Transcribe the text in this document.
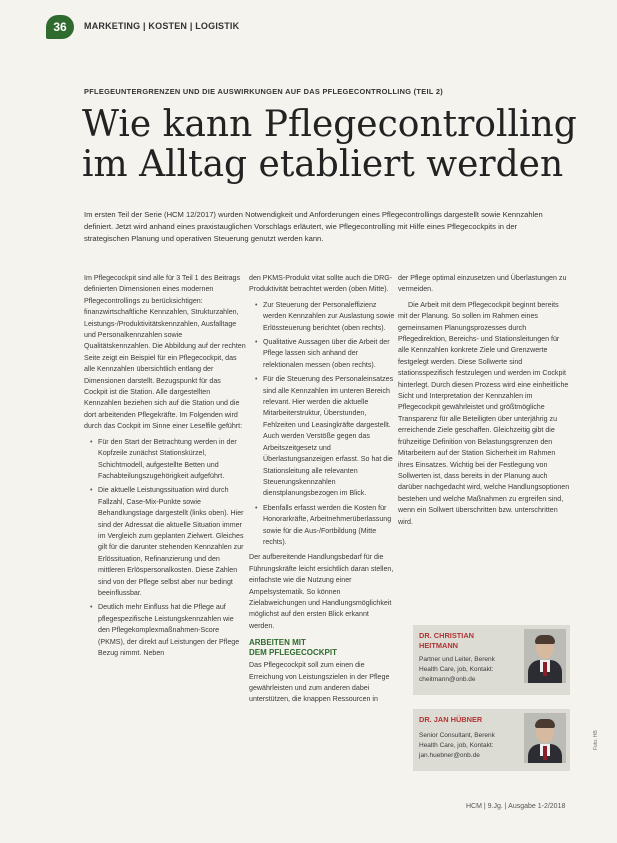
36 MARKETING | KOSTEN | LOGISTIK
PFLEGEUNTERGRENZEN UND DIE AUSWIRKUNGEN AUF DAS PFLEGECONTROLLING (TEIL 2)
Wie kann Pflegecontrolling
im Alltag etabliert werden
Im ersten Teil der Serie (HCM 12/2017) wurden Notwendigkeit und Anforderungen eines Pflegecontrollings dargestellt sowie Kennzahlen definiert. Jetzt wird anhand eines praxistauglichen Vorschlags erläutert, wie Pflegecontrolling mit Hilfe eines Pflegecockpits in der strategischen Planung und operativen Steuerung genutzt werden kann.

Im Pflegecockpit sind alle für 3 Teil 1 des Beitrags definierten Dimensionen eines modernen Pflegecontrollings zu berücksichtigen: finanzwirtschaftliche Kennzahlen, Strukturzahlen, Leistungs-/Produktivitätskennzahlen, Ausfalltage und Personalkennzahlen sowie Qualitätskennzahlen. Die Abbildung auf der rechten Seite zeigt ein Beispiel für ein Pflegecockpit, das alle Kennzahlen übersichtlich entlang der Dimensionen darstellt. Bezugspunkt für das Cockpit ist die Station. Alle dargestellten Kennzahlen beziehen sich auf die Station und die dort arbeitenden Pflegekräfte. Im Folgenden wird durch das Cockpit im Sinne einer Leselfile geführt:

• Für den Start der Betrachtung werden in der Kopfzeile zunächst Stationskürzel, Schichtmodell, aufgestellte Betten und Fachabteilungszugehörigkeit aufgeführt.
• Die aktuelle Leistungssituation wird durch Fallzahl, Case-Mix-Punkte sowie Behandlungstage dargestellt (links oben). Hier sind der Adressat die aktuelle Situation immer im Vergleich zum geplanten Zielwert. Gleiches gilt für die darunter stehenden Kennzahlen zur Erlössituation, Refinanzierung und den mittleren Erlöspersonalkosten. Diese Zahlen sind von der Pflege selbst aber nur bedingt beeinflussbar.
• Deutlich mehr Einfluss hat die Pflege auf pflegespezifische Leistungskennzahlen wie den Pflegekomplexmaßnahmen-Score (PKMS), der direkt auf Leistungen der Pflege Bezug nimmt. Neben

den PKMS-Produkt vitat sollte auch die DRG-Produktivität betrachtet werden (oben Mitte).

• Zur Steuerung der Personaleffizienz werden Kennzahlen zur Auslastung sowie Erlössteuerung berichtet (oben rechts).
• Qualitative Aussagen über die Arbeit der Pflege lassen sich anhand der relektionalen messen (oben rechts).
• Für die Steuerung des Personaleinsatzes sind alle Kennzahlen im unteren Bereich relevant. Hier werden die aktuelle Mitarbeiterstruktur, Überstunden, Fehlzeiten und Leasingkräfte dargestellt. Auch werden Verstöße gegen das Arbeitszeitgesetz und Überlastungsanzeigen erfasst. So hat die Stationsleitung alle relevanten Steuerungskennzahlen dienstplanungsbezogen im Blick.
• Ebenfalls erfasst werden die Kosten für Honorarkräfte, Arbeitnehmerüberlassung sowie für die Aus-/Fortbildung (Mitte rechts).

Der aufbereitende Handlungsbedarf für die Führungskräfte leicht ersichtlich daran stellen, einfachste wie die Nutzung einer Ampelsystematik. So können Zielabweichungen und Handlungsmöglichkeit möglichst auf den ersten Blick erkannt werden.

ARBEITEN MIT
DEM PFLEGECOCKPIT

Das Pflegecockpit soll zum einen die Erreichung von Leistungszielen in der Pflege gewährleisten und zum anderen dabei unterstützen, die knappen Ressourcen in

der Pflege optimal einzusetzen und Überlastungen zu vermeiden.

Die Arbeit mit dem Pflegecockpit beginnt bereits mit der Planung. So sollen im Rahmen eines gemeinsamen Planungsprozesses durch Pflegedirektion, Bereichs- und Stationsleitungen für alle Kennzahlen konkrete Ziele und Grenzwerte festgelegt werden. Diese Sollwerte sind stationsspezifisch festzulegen und werden im Cockpit hinterlegt. Durch diesen Prozess wird eine einheitliche Sicht und Interpretation der Kennzahlen im Pflegecockpit gewährleistet und größtmögliche Transparenz für alle Beteiligten über unterjährig zu erreichende Ziele geschaffen. Gleichzeitig gibt die frühzeitige Definition von Belastungsgrenzen den Mitarbeitern auf der Station Sicherheit im Rahmen ihres Einsatzes. Wichtig bei der Festlegung von Sollwerten ist, dass bereits in der Planung auch darüber nachgedacht wird, welche Handlungsoptionen bestehen und welche Maßnahmen zu ergreifen sind, wenn ein Sollwert überschritten bzw. unterschritten wird.

DR. CHRISTIAN
HEITMANN
Partner und Leiter, Berenk
Health Care, job, Kontakt:
cheitmann@onb.de
DR. JAN HÜBNER
Senior Consultant, Berenk
Health Care, job, Kontakt:
jan.huebner@onb.de
Foto: HB
HCM | 9.Jg. | Ausgabe 1-2/2018
